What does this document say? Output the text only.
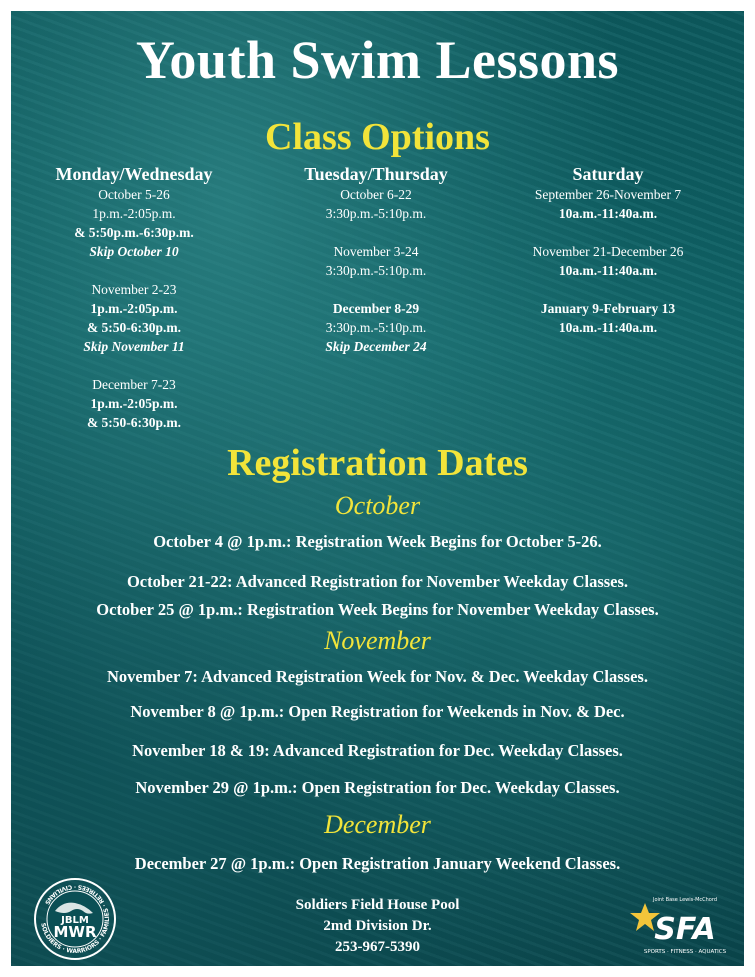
Youth Swim Lessons
Class Options
Monday/Wednesday
October 5-26
1p.m.-2:05p.m.
& 5:50p.m.-6:30p.m.
Skip October 10
November 2-23
1p.m.-2:05p.m.
& 5:50-6:30p.m.
Skip November 11
December 7-23
1p.m.-2:05p.m.
& 5:50-6:30p.m.
Tuesday/Thursday
October 6-22
3:30p.m.-5:10p.m.
November 3-24
3:30p.m.-5:10p.m.
December 8-29
3:30p.m.-5:10p.m.
Skip December 24
Saturday
September 26-November 7
10a.m.-11:40a.m.
November 21-December 26
10a.m.-11:40a.m.
January 9-February 13
10a.m.-11:40a.m.
Registration Dates
October
October 4 @ 1p.m.: Registration Week Begins for October 5-26.
October 21-22: Advanced Registration for November Weekday Classes.
October 25 @ 1p.m.: Registration Week Begins for November Weekday Classes.
November
November 7: Advanced Registration Week for Nov. & Dec. Weekday Classes.
November 8 @ 1p.m.: Open Registration for Weekends in Nov. & Dec.
November 18 & 19: Advanced Registration for Dec. Weekday Classes.
November 29 @ 1p.m.: Open Registration for Dec. Weekday Classes.
December
December 27 @ 1p.m.: Open Registration January Weekend Classes.
Soldiers Field House Pool
2md Division Dr.
253-967-5390
SOLDIERS · WARRIORS · FAMILIES · RETIREES · CIVILIANS
JBLM
MWR
Joint Base Lewis-McChord
SFA
SPORTS · FITNESS · AQUATICS
